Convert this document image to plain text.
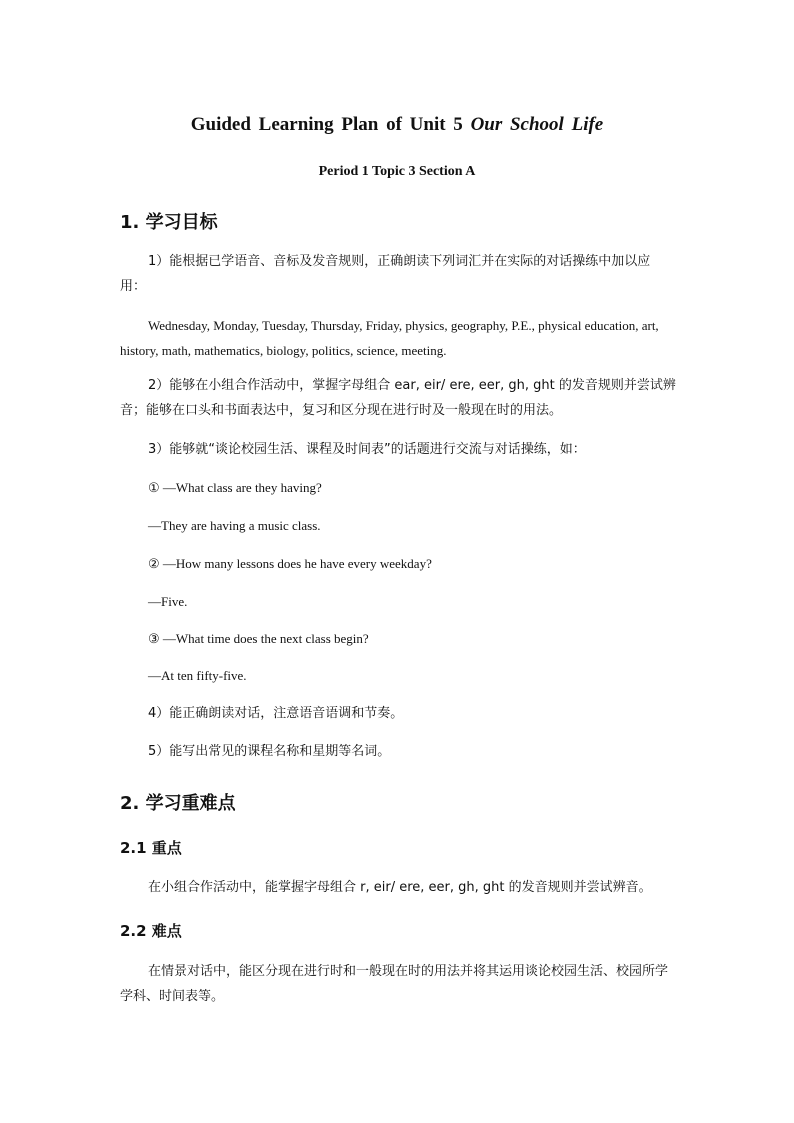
Guided Learning Plan of Unit 5 Our School Life
Period 1 Topic 3 Section A
1. 学习目标
1）能根据已学语音、音标及发音规则，正确朗读下列词汇并在实际的对话操练中加以应用：
Wednesday, Monday, Tuesday, Thursday, Friday, physics, geography, P.E., physical education, art, history, math, mathematics, biology, politics, science, meeting.
2）能够在小组合作活动中，掌握字母组合 ear, eir/ ere, eer, gh, ght 的发音规则并尝试辨音；能够在口头和书面表达中，复习和区分现在进行时及一般现在时的用法。
3）能够就“谈论校园生活、课程及时间表”的话题进行交流与对话操练，如：
① —What class are they having?
—They are having a music class.
② —How many lessons does he have every weekday?
—Five.
③ —What time does the next class begin?
—At ten fifty-five.
4）能正确朗读对话，注意语音语调和节奏。
5）能写出常见的课程名称和星期等名词。
2. 学习重难点
2.1 重点
在小组合作活动中，能掌握字母组合 r, eir/ ere, eer, gh, ght 的发音规则并尝试辨音。
2.2 难点
在情景对话中，能区分现在进行时和一般现在时的用法并将其运用谈论校园生活、校园所学学科、时间表等。
